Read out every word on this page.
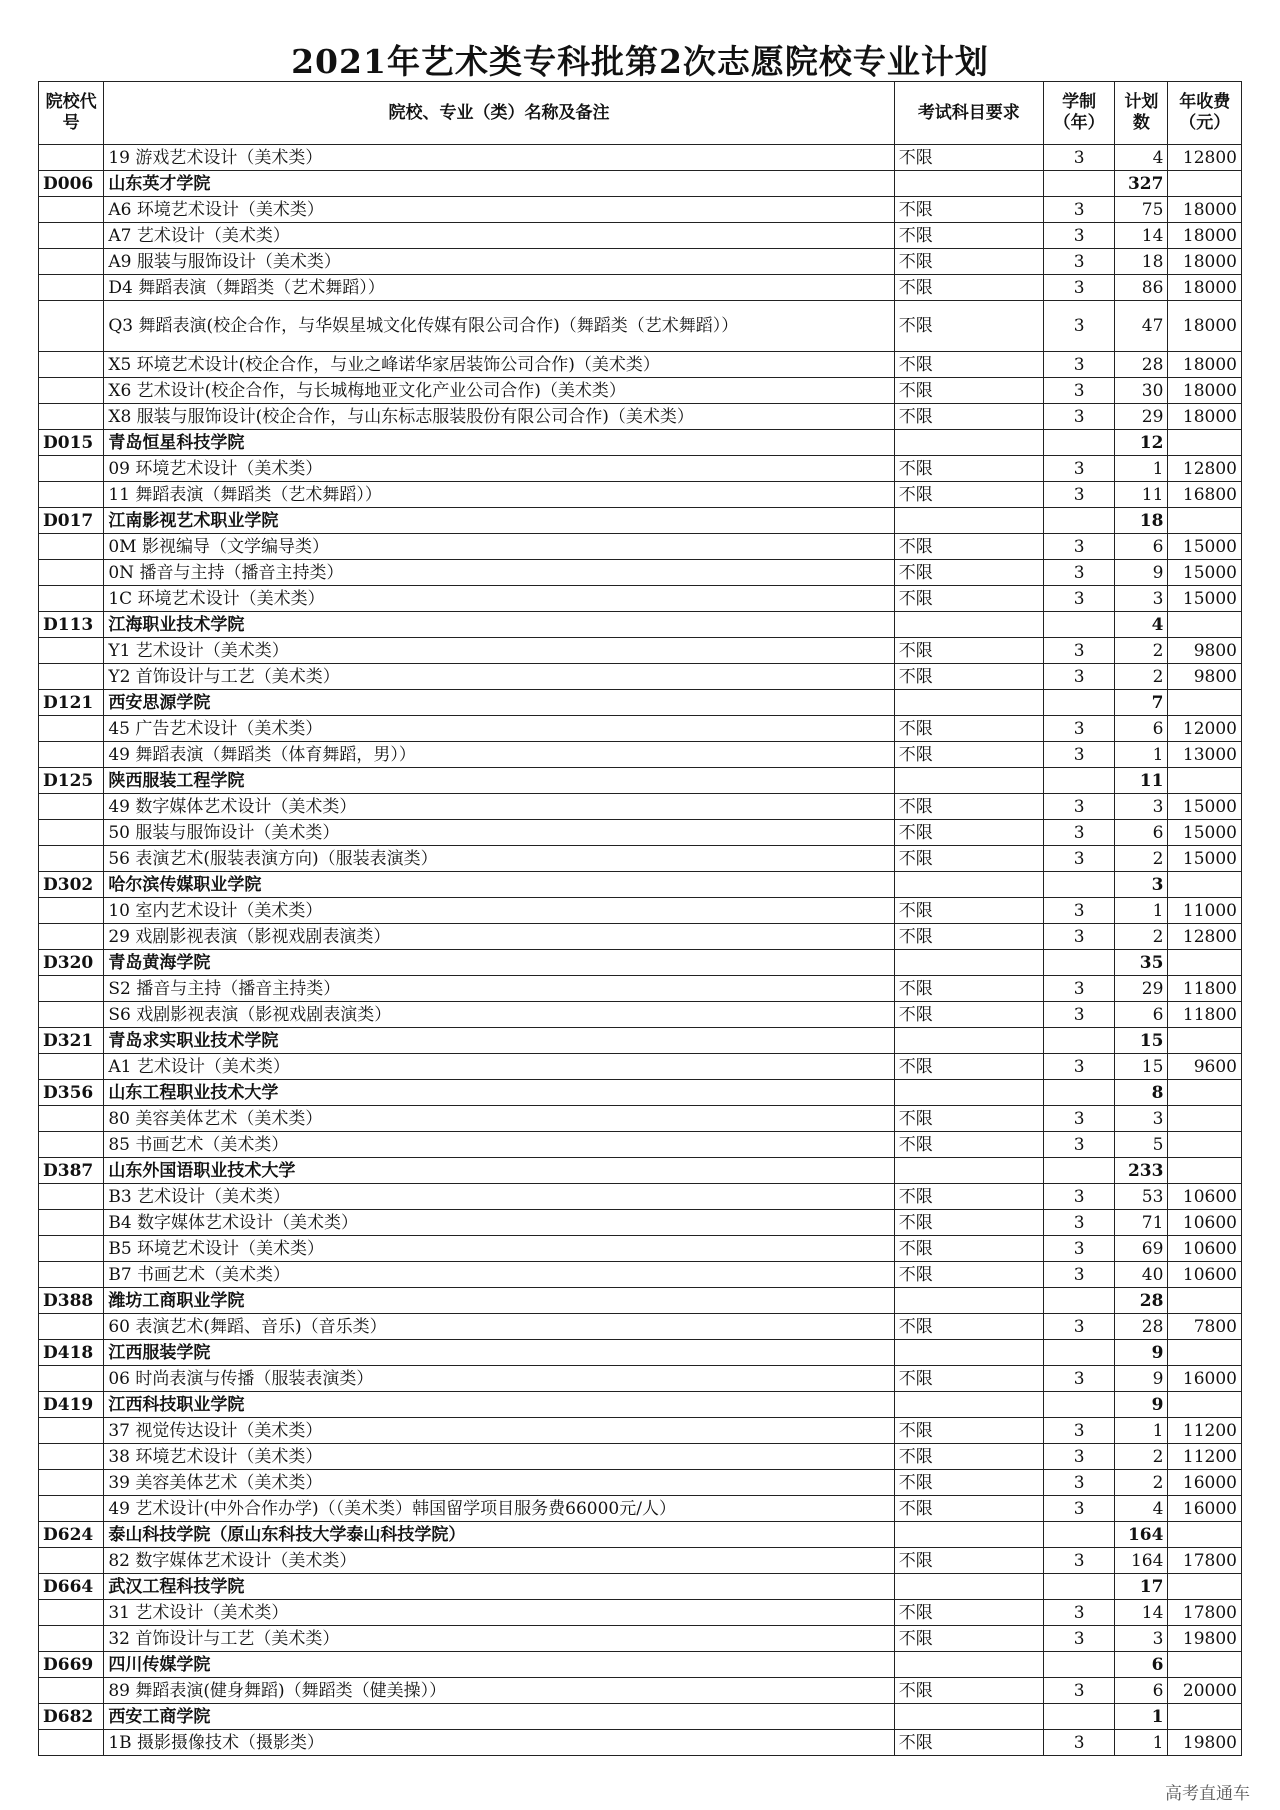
2021年艺术类专科批第2次志愿院校专业计划
院校代号	院校、专业（类）名称及备注	考试科目要求	学制（年）	计划数	年收费（元）
	19 游戏艺术设计（美术类）	不限	3	4	12800
D006	山东英才学院			327	
	A6 环境艺术设计（美术类）	不限	3	75	18000
	A7 艺术设计（美术类）	不限	3	14	18000
	A9 服装与服饰设计（美术类）	不限	3	18	18000
	D4 舞蹈表演（舞蹈类（艺术舞蹈））	不限	3	86	18000
	Q3 舞蹈表演(校企合作，与华娱星城文化传媒有限公司合作)（舞蹈类（艺术舞蹈））	不限	3	47	18000
	X5 环境艺术设计(校企合作，与业之峰诺华家居装饰公司合作)（美术类）	不限	3	28	18000
	X6 艺术设计(校企合作，与长城梅地亚文化产业公司合作)（美术类）	不限	3	30	18000
	X8 服装与服饰设计(校企合作，与山东标志服装股份有限公司合作)（美术类）	不限	3	29	18000
D015	青岛恒星科技学院			12	
	09 环境艺术设计（美术类）	不限	3	1	12800
	11 舞蹈表演（舞蹈类（艺术舞蹈））	不限	3	11	16800
D017	江南影视艺术职业学院			18	
	0M 影视编导（文学编导类）	不限	3	6	15000
	0N 播音与主持（播音主持类）	不限	3	9	15000
	1C 环境艺术设计（美术类）	不限	3	3	15000
D113	江海职业技术学院			4	
	Y1 艺术设计（美术类）	不限	3	2	9800
	Y2 首饰设计与工艺（美术类）	不限	3	2	9800
D121	西安思源学院			7	
	45 广告艺术设计（美术类）	不限	3	6	12000
	49 舞蹈表演（舞蹈类（体育舞蹈，男））	不限	3	1	13000
D125	陕西服装工程学院			11	
	49 数字媒体艺术设计（美术类）	不限	3	3	15000
	50 服装与服饰设计（美术类）	不限	3	6	15000
	56 表演艺术(服装表演方向)（服装表演类）	不限	3	2	15000
D302	哈尔滨传媒职业学院			3	
	10 室内艺术设计（美术类）	不限	3	1	11000
	29 戏剧影视表演（影视戏剧表演类）	不限	3	2	12800
D320	青岛黄海学院			35	
	S2 播音与主持（播音主持类）	不限	3	29	11800
	S6 戏剧影视表演（影视戏剧表演类）	不限	3	6	11800
D321	青岛求实职业技术学院			15	
	A1 艺术设计（美术类）	不限	3	15	9600
D356	山东工程职业技术大学			8	
	80 美容美体艺术（美术类）	不限	3	3	
	85 书画艺术（美术类）	不限	3	5	
D387	山东外国语职业技术大学			233	
	B3 艺术设计（美术类）	不限	3	53	10600
	B4 数字媒体艺术设计（美术类）	不限	3	71	10600
	B5 环境艺术设计（美术类）	不限	3	69	10600
	B7 书画艺术（美术类）	不限	3	40	10600
D388	潍坊工商职业学院			28	
	60 表演艺术(舞蹈、音乐)（音乐类）	不限	3	28	7800
D418	江西服装学院			9	
	06 时尚表演与传播（服装表演类）	不限	3	9	16000
D419	江西科技职业学院			9	
	37 视觉传达设计（美术类）	不限	3	1	11200
	38 环境艺术设计（美术类）	不限	3	2	11200
	39 美容美体艺术（美术类）	不限	3	2	16000
	49 艺术设计(中外合作办学)（（美术类）韩国留学项目服务费66000元/人）	不限	3	4	16000
D624	泰山科技学院（原山东科技大学泰山科技学院）			164	
	82 数字媒体艺术设计（美术类）	不限	3	164	17800
D664	武汉工程科技学院			17	
	31 艺术设计（美术类）	不限	3	14	17800
	32 首饰设计与工艺（美术类）	不限	3	3	19800
D669	四川传媒学院			6	
	89 舞蹈表演(健身舞蹈)（舞蹈类（健美操））	不限	3	6	20000
D682	西安工商学院			1	
	1B 摄影摄像技术（摄影类）	不限	3	1	19800
高考直通车
